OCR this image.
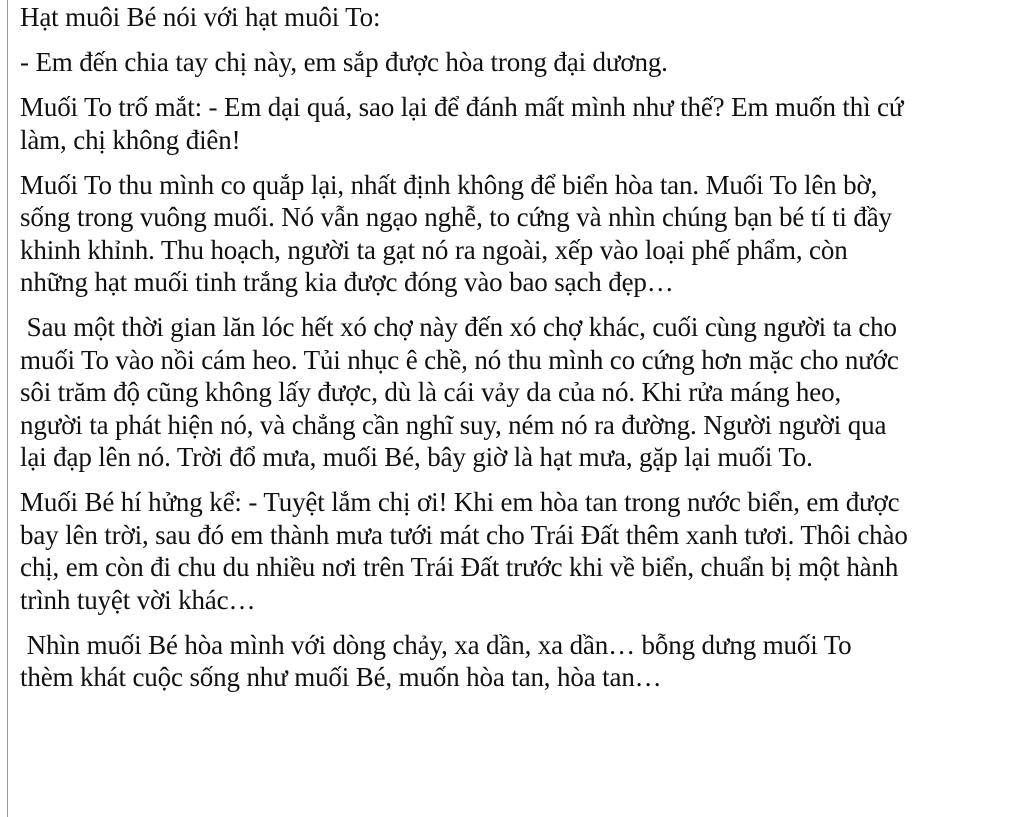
Hạt muôi Bé nói với hạt muôi To:

- Em đến chia tay chị này, em sắp được hòa trong đại dương.

Muối To trố mắt: - Em dại quá, sao lại để đánh mất mình như thế? Em muốn thì cứ
làm, chị không điên!

Muối To thu mình co quắp lại, nhất định không để biển hòa tan. Muối To lên bờ,
sống trong vuông muối. Nó vẫn ngạo nghễ, to cứng và nhìn chúng bạn bé tí ti đầy
khinh khỉnh. Thu hoạch, người ta gạt nó ra ngoài, xếp vào loại phế phẩm, còn
những hạt muối tinh trắng kia được đóng vào bao sạch đẹp…

Sau một thời gian lăn lóc hết xó chợ này đến xó chợ khác, cuối cùng người ta cho
muối To vào nồi cám heo. Tủi nhục ê chề, nó thu mình co cứng hơn mặc cho nước
sôi trăm độ cũng không lấy được, dù là cái vảy da của nó. Khi rửa máng heo,
người ta phát hiện nó, và chẳng cần nghĩ suy, ném nó ra đường. Người người qua
lại đạp lên nó. Trời đổ mưa, muối Bé, bây giờ là hạt mưa, gặp lại muối To.

Muối Bé hí hửng kể: - Tuyệt lắm chị ơi! Khi em hòa tan trong nước biển, em được
bay lên trời, sau đó em thành mưa tưới mát cho Trái Đất thêm xanh tươi. Thôi chào
chị, em còn đi chu du nhiều nơi trên Trái Đất trước khi về biển, chuẩn bị một hành
trình tuyệt vời khác…

Nhìn muối Bé hòa mình với dòng chảy, xa dần, xa dần… bỗng dưng muối To
thèm khát cuộc sống như muối Bé, muốn hòa tan, hòa tan…
